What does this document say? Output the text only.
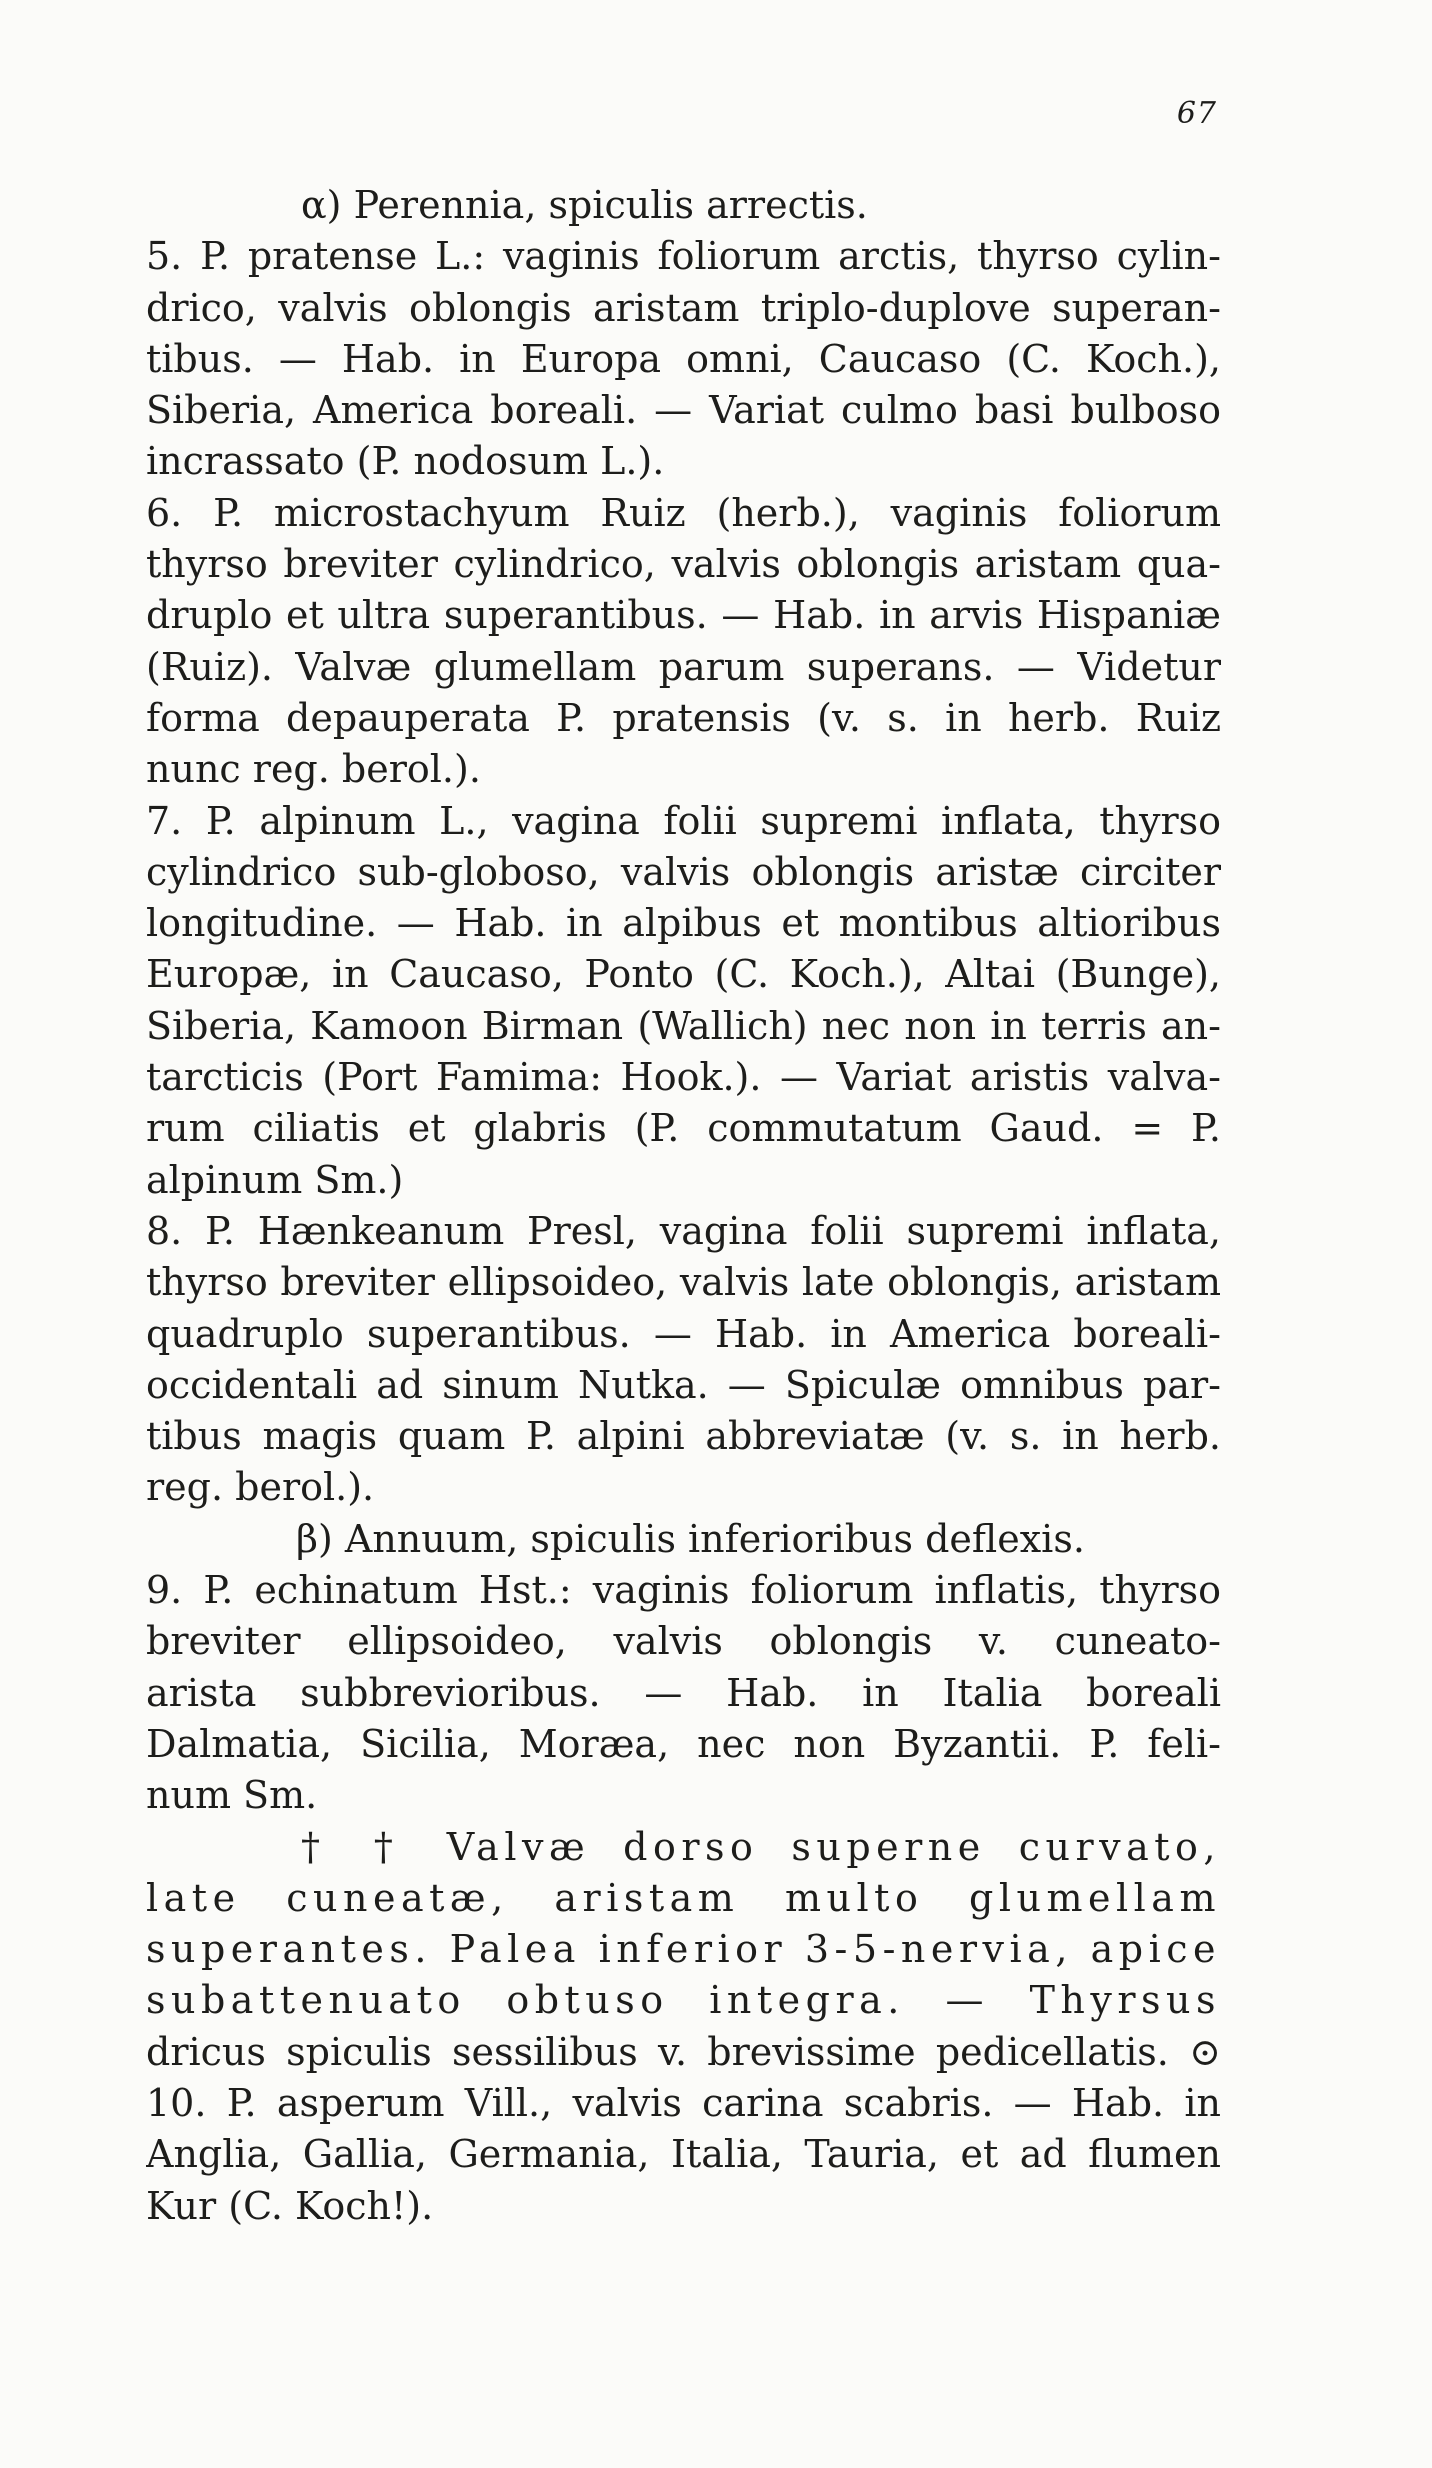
67
α) Perennia, spiculis arrectis.
5. P. pratense L.: vaginis foliorum arctis, thyrso cylin-
drico, valvis oblongis aristam triplo-duplove superan-
tibus. — Hab. in Europa omni, Caucaso (C. Koch.),
Siberia, America boreali. — Variat culmo basi bulboso
incrassato (P. nodosum L.).
6. P. microstachyum Ruiz (herb.), vaginis foliorum
thyrso breviter cylindrico, valvis oblongis aristam qua-
druplo et ultra superantibus. — Hab. in arvis Hispaniæ
(Ruiz). Valvæ glumellam parum superans. — Videtur
forma depauperata P. pratensis (v. s. in herb. Ruiz
nunc reg. berol.).
7. P. alpinum L., vagina folii supremi inflata, thyrso
cylindrico sub-globoso, valvis oblongis aristæ circiter
longitudine. — Hab. in alpibus et montibus altioribus
Europæ, in Caucaso, Ponto (C. Koch.), Altai (Bunge),
Siberia, Kamoon Birman (Wallich) nec non in terris an-
tarcticis (Port Famima: Hook.). — Variat aristis valva-
rum ciliatis et glabris (P. commutatum Gaud. = P.
alpinum Sm.)
8. P. Hænkeanum Presl, vagina folii supremi inflata,
thyrso breviter ellipsoideo, valvis late oblongis, aristam
quadruplo superantibus. — Hab. in America boreali-
occidentali ad sinum Nutka. — Spiculæ omnibus par-
tibus magis quam P. alpini abbreviatæ (v. s. in herb.
reg. berol.).
β) Annuum, spiculis inferioribus deflexis.
9. P. echinatum Hst.: vaginis foliorum inflatis, thyrso
breviter ellipsoideo, valvis oblongis v. cuneato-
arista subbrevioribus. — Hab. in Italia boreali
Dalmatia, Sicilia, Moræa, nec non Byzantii. P. feli-
num Sm.
† † Valvæ dorso superne curvato,
late cuneatæ, aristam multo glumellam
superantes. Palea inferior 3-5-nervia, apice
subattenuato obtuso integra. — Thyrsus
dricus spiculis sessilibus v. brevissime pedicellatis. ⊙
10. P. asperum Vill., valvis carina scabris. — Hab. in
Anglia, Gallia, Germania, Italia, Tauria, et ad flumen
Kur (C. Koch!).
